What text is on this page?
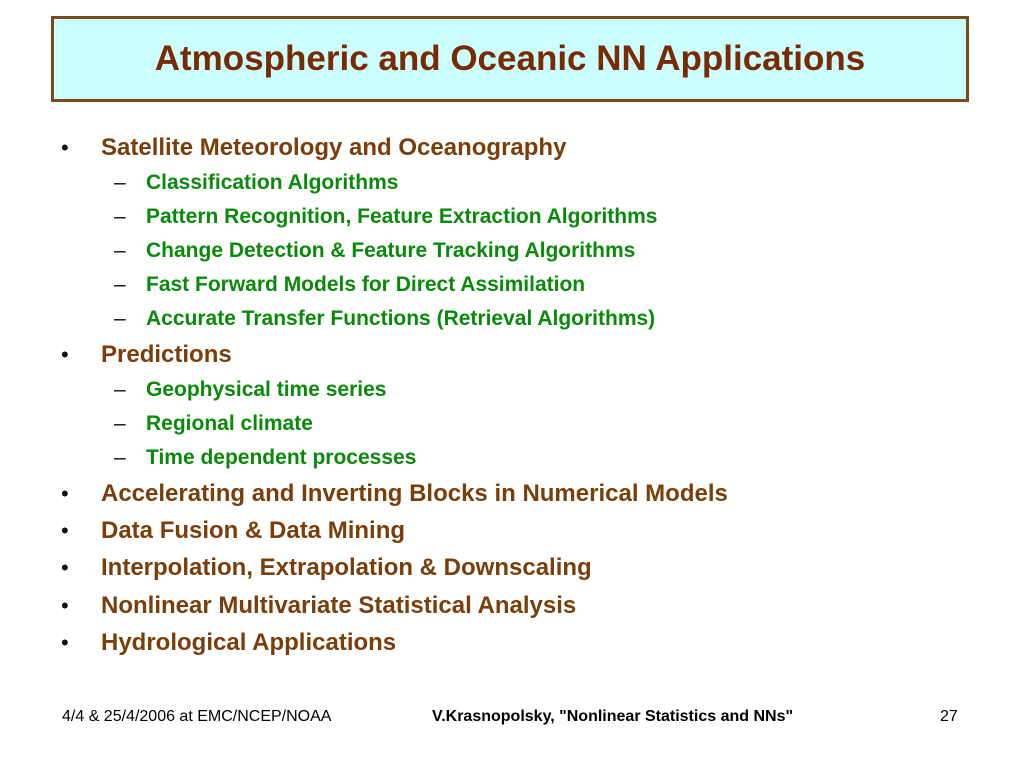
Atmospheric and Oceanic NN Applications
• Satellite Meteorology and Oceanography
– Classification Algorithms
– Pattern Recognition, Feature Extraction Algorithms
– Change Detection & Feature Tracking Algorithms
– Fast Forward Models for Direct Assimilation
– Accurate Transfer Functions (Retrieval Algorithms)
• Predictions
– Geophysical time series
– Regional climate
– Time dependent processes
• Accelerating and Inverting Blocks in Numerical Models
• Data Fusion & Data Mining
• Interpolation, Extrapolation & Downscaling
• Nonlinear Multivariate Statistical Analysis
• Hydrological Applications
4/4 & 25/4/2006 at EMC/NCEP/NOAA	V.Krasnopolsky, "Nonlinear Statistics and NNs"	27
